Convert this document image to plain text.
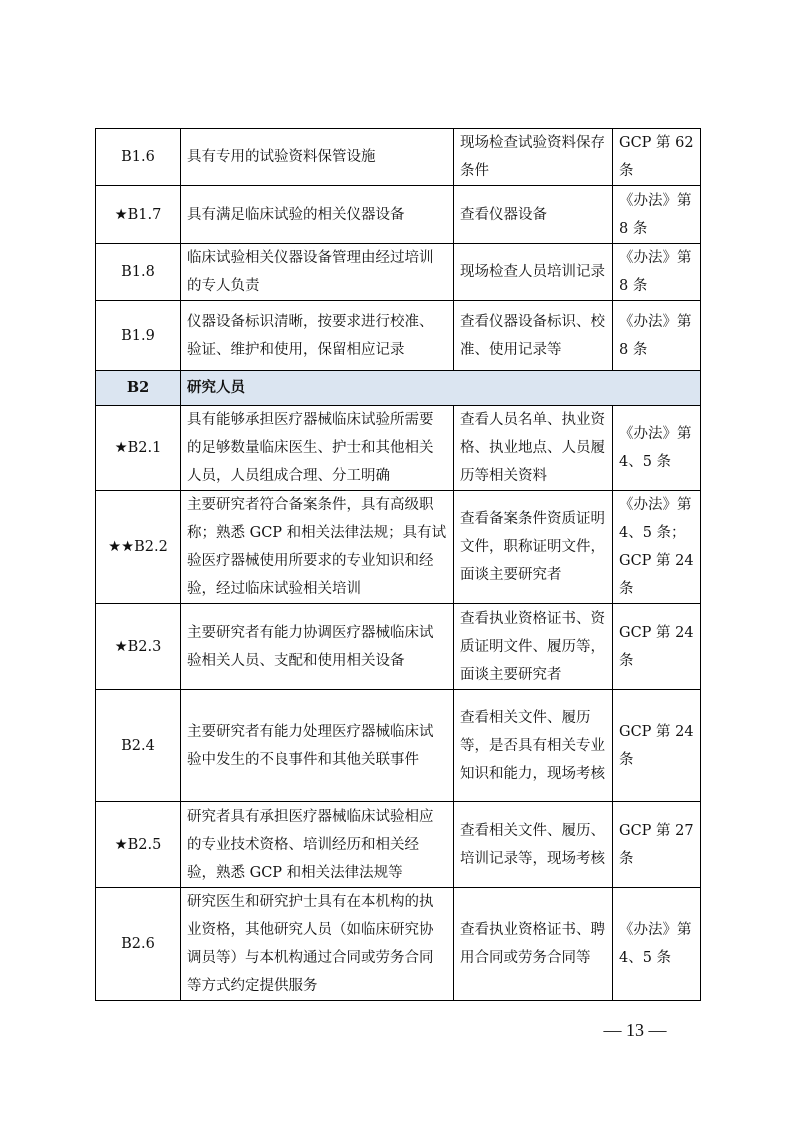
B1.6	具有专用的试验资料保管设施	现场检查试验资料保存条件	GCP 第 62 条
★B1.7	具有满足临床试验的相关仪器设备	查看仪器设备	《办法》第 8 条
B1.8	临床试验相关仪器设备管理由经过培训的专人负责	现场检查人员培训记录	《办法》第 8 条
B1.9	仪器设备标识清晰，按要求进行校准、验证、维护和使用，保留相应记录	查看仪器设备标识、校准、使用记录等	《办法》第 8 条
B2	研究人员		
★B2.1	具有能够承担医疗器械临床试验所需要的足够数量临床医生、护士和其他相关人员，人员组成合理、分工明确	查看人员名单、执业资格、执业地点、人员履历等相关资料	《办法》第 4、5 条
★★B2.2	主要研究者符合备案条件，具有高级职称；熟悉 GCP 和相关法律法规；具有试验医疗器械使用所要求的专业知识和经验，经过临床试验相关培训	查看备案条件资质证明文件，职称证明文件，面谈主要研究者	《办法》第 4、5 条；GCP 第 24 条
★B2.3	主要研究者有能力协调医疗器械临床试验相关人员、支配和使用相关设备	查看执业资格证书、资质证明文件、履历等，面谈主要研究者	GCP 第 24 条
B2.4	主要研究者有能力处理医疗器械临床试验中发生的不良事件和其他关联事件	查看相关文件、履历等，是否具有相关专业知识和能力，现场考核	GCP 第 24 条
★B2.5	研究者具有承担医疗器械临床试验相应的专业技术资格、培训经历和相关经验，熟悉 GCP 和相关法律法规等	查看相关文件、履历、培训记录等，现场考核	GCP 第 27 条
B2.6	研究医生和研究护士具有在本机构的执业资格，其他研究人员（如临床研究协调员等）与本机构通过合同或劳务合同等方式约定提供服务	查看执业资格证书、聘用合同或劳务合同等	《办法》第 4、5 条
— 13 —
